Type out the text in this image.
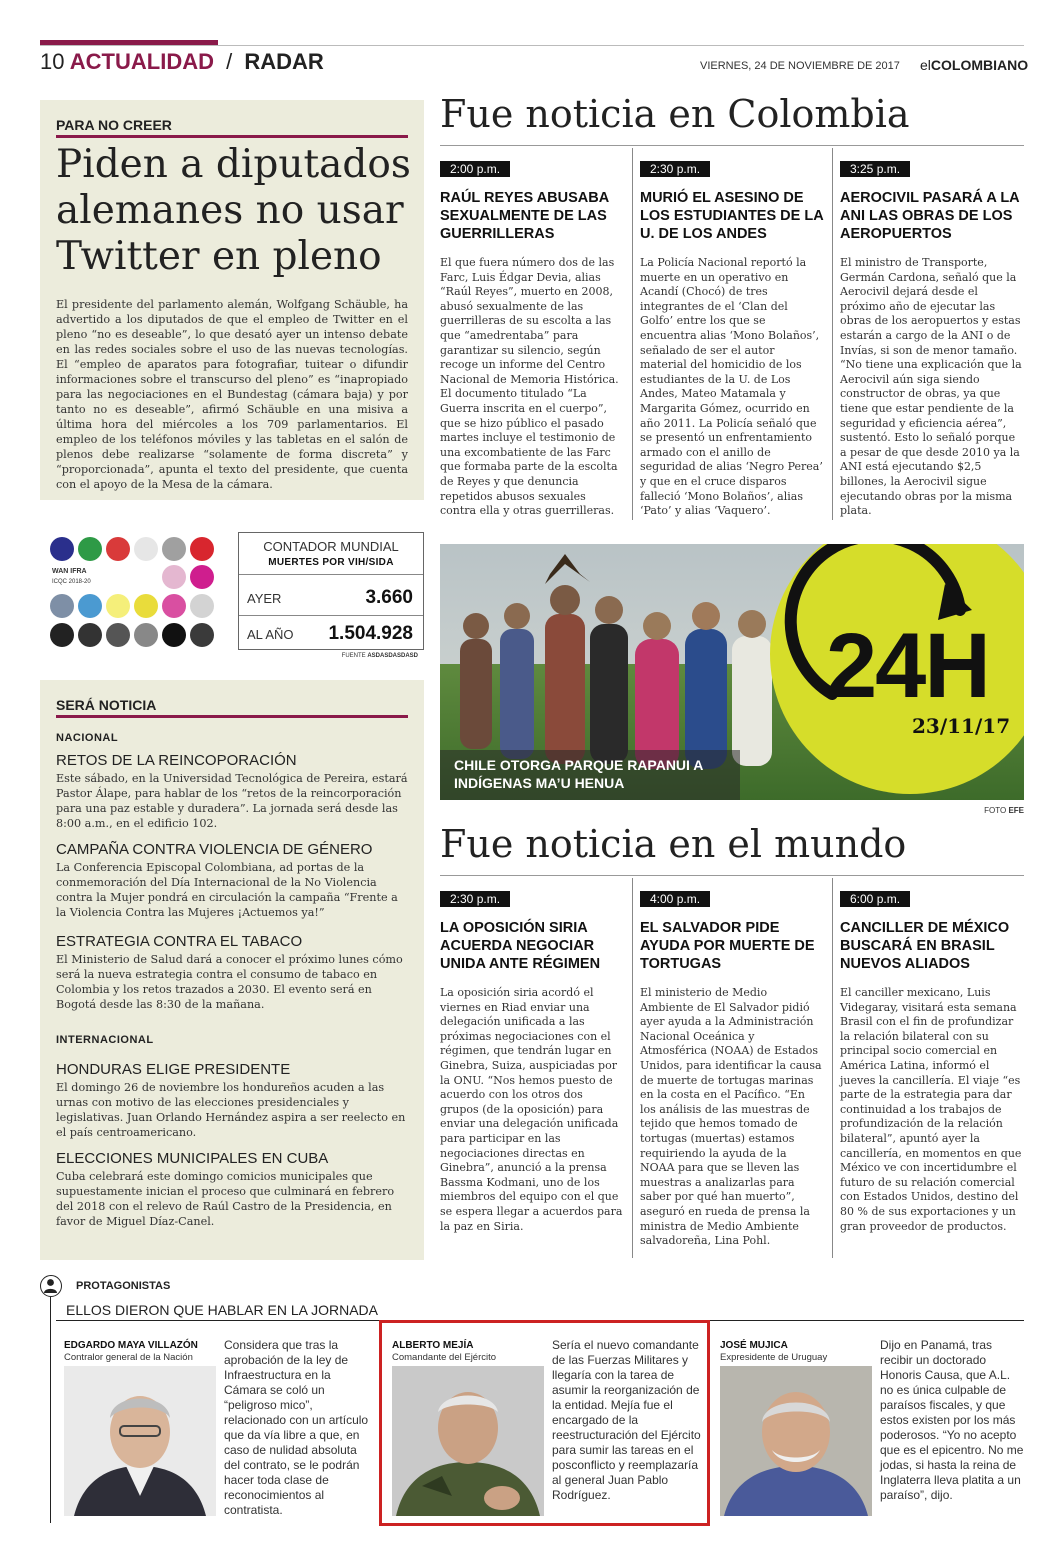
10 ACTUALIDAD / RADAR	VIERNES, 24 DE NOVIEMBRE DE 2017 elCOLOMBIANO
PARA NO CREER
Piden a diputados alemanes no usar Twitter en pleno
El presidente del parlamento alemán, Wolfgang Schäuble, ha advertido a los diputados de que el empleo de Twitter en el pleno “no es deseable”, lo que desató ayer un intenso debate en las redes sociales sobre el uso de las nuevas tecnologías. El “empleo de aparatos para fotografiar, tuitear o difundir informaciones sobre el transcurso del pleno” es “inapropiado para las negociaciones en el Bundestag (cámara baja) y por tanto no es deseable”, afirmó Schäuble en una misiva a última hora del miércoles a los 709 parlamentarios. El empleo de los teléfonos móviles y las tabletas en el salón de plenos debe realizarse “solamente de forma discreta” y “proporcionada”, apunta el texto del presidente, que cuenta con el apoyo de la Mesa de la cámara.
Fue noticia en Colombia
2:00 p.m.
RAÚL REYES ABUSABA SEXUALMENTE DE LAS GUERRILLERAS
El que fuera número dos de las Farc, Luis Édgar Devia, alias “Raúl Reyes”, muerto en 2008, abusó sexualmente de las guerrilleras de su escolta a las que “amedrentaba” para garantizar su silencio, según recoge un informe del Centro Nacional de Memoria Histórica. El documento titulado “La Guerra inscrita en el cuerpo”, que se hizo público el pasado martes incluye el testimonio de una excombatiente de las Farc que formaba parte de la escolta de Reyes y que denuncia repetidos abusos sexuales contra ella y otras guerrilleras.
2:30 p.m.
MURIÓ EL ASESINO DE LOS ESTUDIANTES DE LA U. DE LOS ANDES
La Policía Nacional reportó la muerte en un operativo en Acandí (Chocó) de tres integrantes de el ‘Clan del Golfo’ entre los que se encuentra alias ‘Mono Bolaños’, señalado de ser el autor material del homicidio de los estudiantes de la U. de Los Andes, Mateo Matamala y Margarita Gómez, ocurrido en año 2011. La Policía señaló que se presentó un enfrentamiento armado con el anillo de seguridad de alias ‘Negro Perea’ y que en el cruce disparos falleció ‘Mono Bolaños’, alias ‘Pato’ y alias ‘Vaquero’.
3:25 p.m.
AEROCIVIL PASARÁ A LA ANI LAS OBRAS DE LOS AEROPUERTOS
El ministro de Transporte, Germán Cardona, señaló que la Aerocivil dejará desde el próximo año de ejecutar las obras de los aeropuertos y estas estarán a cargo de la ANI o de Invías, si son de menor tamaño. “No tiene una explicación que la Aerocivil aún siga siendo constructor de obras, ya que tiene que estar pendiente de la seguridad y eficiencia aérea”, sustentó. Esto lo señaló porque a pesar de que desde 2010 ya la ANI está ejecutando $2,5 billones, la Aerocivil sigue ejecutando obras por la misma plata.
WAN IFRA
ICQC 2018-20
CONTADOR MUNDIAL
MUERTES POR VIH/SIDA
AYER	3.660
AL AÑO 1.504.928
FUENTE ASDASDASDASD	24H
23/11/17
CHILE OTORGA PARQUE RAPANUI A INDÍGENAS MA’U HENUA
FOTO EFE
SERÁ NOTICIA
NACIONAL
RETOS DE LA REINCOPORACIÓN
Este sábado, en la Universidad Tecnológica de Pereira, estará Pastor Álape, para hablar de los “retos de la reincorporación para una paz estable y duradera”. La jornada será desde las 8:00 a.m., en el edificio 102.
CAMPAÑA CONTRA VIOLENCIA DE GÉNERO
La Conferencia Episcopal Colombiana, ad portas de la conmemoración del Día Internacional de la No Violencia contra la Mujer pondrá en circulación la campaña “Frente a la Violencia Contra las Mujeres ¡Actuemos ya!”
ESTRATEGIA CONTRA EL TABACO
El Ministerio de Salud dará a conocer el próximo lunes cómo será la nueva estrategia contra el consumo de tabaco en Colombia y los retos trazados a 2030. El evento será en Bogotá desde las 8:30 de la mañana.
INTERNACIONAL
HONDURAS ELIGE PRESIDENTE
El domingo 26 de noviembre los hondureños acuden a las urnas con motivo de las elecciones presidenciales y legislativas. Juan Orlando Hernández aspira a ser reelecto en el país centroamericano.
ELECCIONES MUNICIPALES EN CUBA
Cuba celebrará este domingo comicios municipales que supuestamente inician el proceso que culminará en febrero del 2018 con el relevo de Raúl Castro de la Presidencia, en favor de Miguel Díaz-Canel.
Fue noticia en el mundo
2:30 p.m.
LA OPOSICIÓN SIRIA ACUERDA NEGOCIAR UNIDA ANTE RÉGIMEN
La oposición siria acordó el viernes en Riad enviar una delegación unificada a las próximas negociaciones con el régimen, que tendrán lugar en Ginebra, Suiza, auspiciadas por la ONU. “Nos hemos puesto de acuerdo con los otros dos grupos (de la oposición) para enviar una delegación unificada para participar en las negociaciones directas en Ginebra”, anunció a la prensa Bassma Kodmani, uno de los miembros del equipo con el que se espera llegar a acuerdos para la paz en Siria.
4:00 p.m.
EL SALVADOR PIDE AYUDA POR MUERTE DE TORTUGAS
El ministerio de Medio Ambiente de El Salvador pidió ayer ayuda a la Administración Nacional Oceánica y Atmosférica (NOAA) de Estados Unidos, para identificar la causa de muerte de tortugas marinas en la costa en el Pacífico. “En los análisis de las muestras de tejido que hemos tomado de tortugas (muertas) estamos requiriendo la ayuda de la NOAA para que se lleven las muestras a analizarlas para saber por qué han muerto”, aseguró en rueda de prensa la ministra de Medio Ambiente salvadoreña, Lina Pohl.
6:00 p.m.
CANCILLER DE MÉXICO BUSCARÁ EN BRASIL NUEVOS ALIADOS
El canciller mexicano, Luis Videgaray, visitará esta semana Brasil con el fin de profundizar la relación bilateral con su principal socio comercial en América Latina, informó el jueves la cancillería. El viaje “es parte de la estrategia para dar continuidad a los trabajos de profundización de la relación bilateral”, apuntó ayer la cancillería, en momentos en que México ve con incertidumbre el futuro de su relación comercial con Estados Unidos, destino del 80 % de sus exportaciones y un gran proveedor de productos.
PROTAGONISTAS
ELLOS DIERON QUE HABLAR EN LA JORNADA
EDGARDO MAYA VILLAZÓN
Contralor general de la Nación
Considera que tras la aprobación de la ley de Infraestructura en la Cámara se coló un “peligroso mico”, relacionado con un artículo que da vía libre a que, en caso de nulidad absoluta del contrato, se le podrán hacer toda clase de reconocimientos al contratista.
ALBERTO MEJÍA
Comandante del Ejército
Sería el nuevo comandante de las Fuerzas Militares y llegaría con la tarea de asumir la reorganización de la entidad. Mejía fue el encargado de la reestructuración del Ejército para sumir las tareas en el posconflicto y reemplazaría al general Juan Pablo Rodríguez.
JOSÉ MUJICA
Expresidente de Uruguay
Dijo en Panamá, tras recibir un doctorado Honoris Causa, que A.L. no es única culpable de paraísos fiscales, y que estos existen por los más poderosos. “Yo no acepto que es el epicentro. No me jodas, si hasta la reina de Inglaterra lleva platita a un paraíso”, dijo.
